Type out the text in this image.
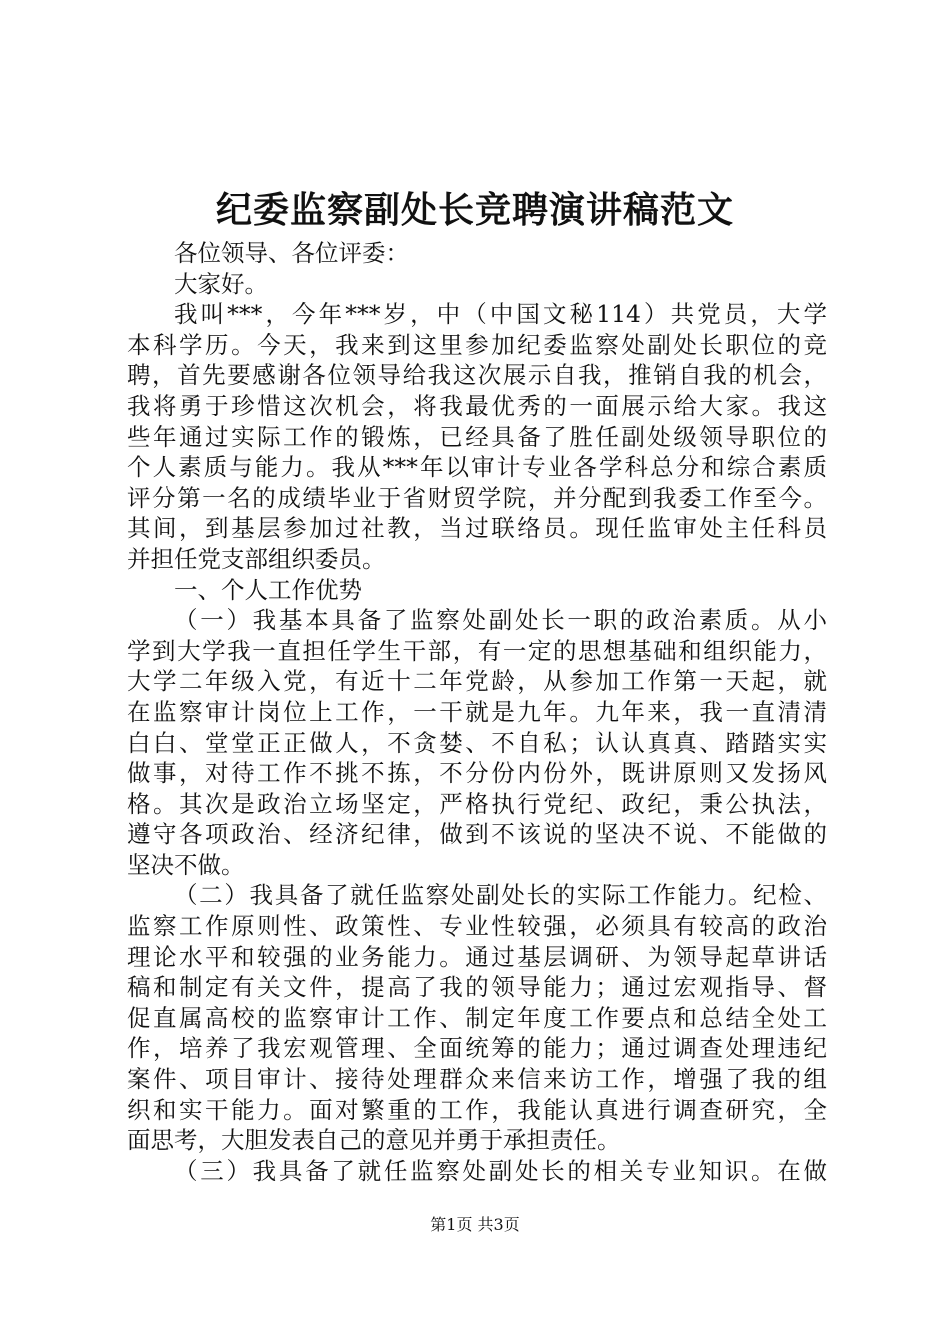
纪委监察副处长竞聘演讲稿范文
各位领导、各位评委：
大家好。
我叫***，今年***岁，中（中国文秘114）共党员，大学
本科学历。今天，我来到这里参加纪委监察处副处长职位的竞
聘，首先要感谢各位领导给我这次展示自我，推销自我的机会，
我将勇于珍惜这次机会，将我最优秀的一面展示给大家。我这
些年通过实际工作的锻炼，已经具备了胜任副处级领导职位的
个人素质与能力。我从***年以审计专业各学科总分和综合素质
评分第一名的成绩毕业于省财贸学院，并分配到我委工作至今。
其间，到基层参加过社教，当过联络员。现任监审处主任科员
并担任党支部组织委员。
一、个人工作优势
（一）我基本具备了监察处副处长一职的政治素质。从小
学到大学我一直担任学生干部，有一定的思想基础和组织能力，
大学二年级入党，有近十二年党龄，从参加工作第一天起，就
在监察审计岗位上工作，一干就是九年。九年来，我一直清清
白白、堂堂正正做人，不贪婪、不自私；认认真真、踏踏实实
做事，对待工作不挑不拣，不分份内份外，既讲原则又发扬风
格。其次是政治立场坚定，严格执行党纪、政纪，秉公执法，
遵守各项政治、经济纪律，做到不该说的坚决不说、不能做的
坚决不做。
（二）我具备了就任监察处副处长的实际工作能力。纪检、
监察工作原则性、政策性、专业性较强，必须具有较高的政治
理论水平和较强的业务能力。通过基层调研、为领导起草讲话
稿和制定有关文件，提高了我的领导能力；通过宏观指导、督
促直属高校的监察审计工作、制定年度工作要点和总结全处工
作，培养了我宏观管理、全面统筹的能力；通过调查处理违纪
案件、项目审计、接待处理群众来信来访工作，增强了我的组
织和实干能力。面对繁重的工作，我能认真进行调查研究，全
面思考，大胆发表自己的意见并勇于承担责任。
（三）我具备了就任监察处副处长的相关专业知识。在做
第1页 共3页
